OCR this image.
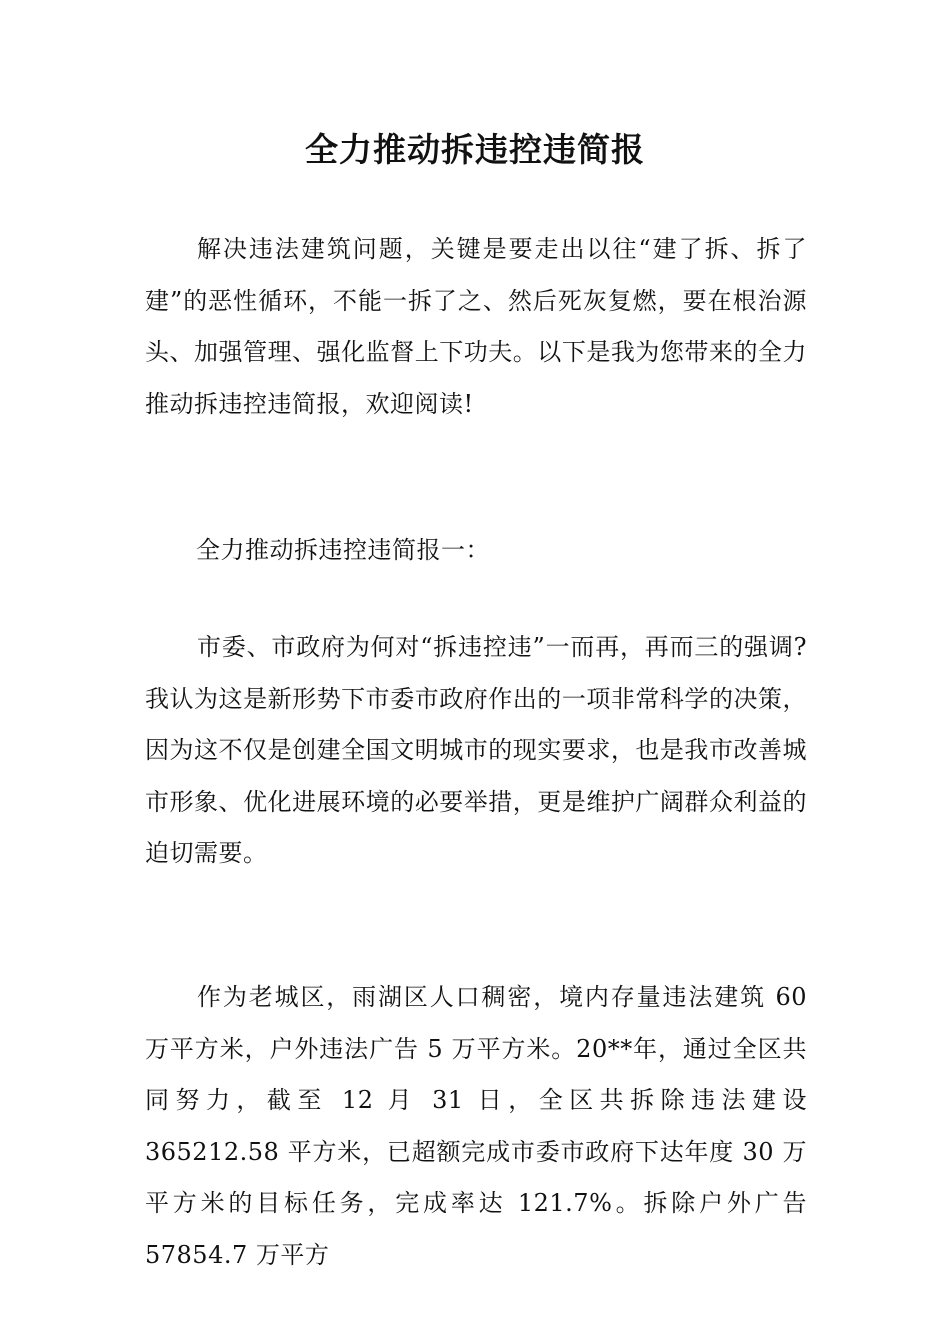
全力推动拆违控违简报
解决违法建筑问题，关键是要走出以往“建了拆、拆了建”的恶性循环，不能一拆了之、然后死灰复燃，要在根治源头、加强管理、强化监督上下功夫。以下是我为您带来的全力推动拆违控违简报，欢迎阅读!
全力推动拆违控违简报一：
市委、市政府为何对“拆违控违”一而再，再而三的强调?我认为这是新形势下市委市政府作出的一项非常科学的决策，因为这不仅是创建全国文明城市的现实要求，也是我市改善城市形象、优化进展环境的必要举措，更是维护广阔群众利益的迫切需要。
作为老城区，雨湖区人口稠密，境内存量违法建筑 60 万平方米，户外违法广告 5 万平方米。20**年，通过全区共同努力，截至 12 月 31 日，全区共拆除违法建设 365212.58 平方米，已超额完成市委市政府下达年度 30 万平方米的目标任务，完成率达 121.7%。拆除户外广告 57854.7 万平方
